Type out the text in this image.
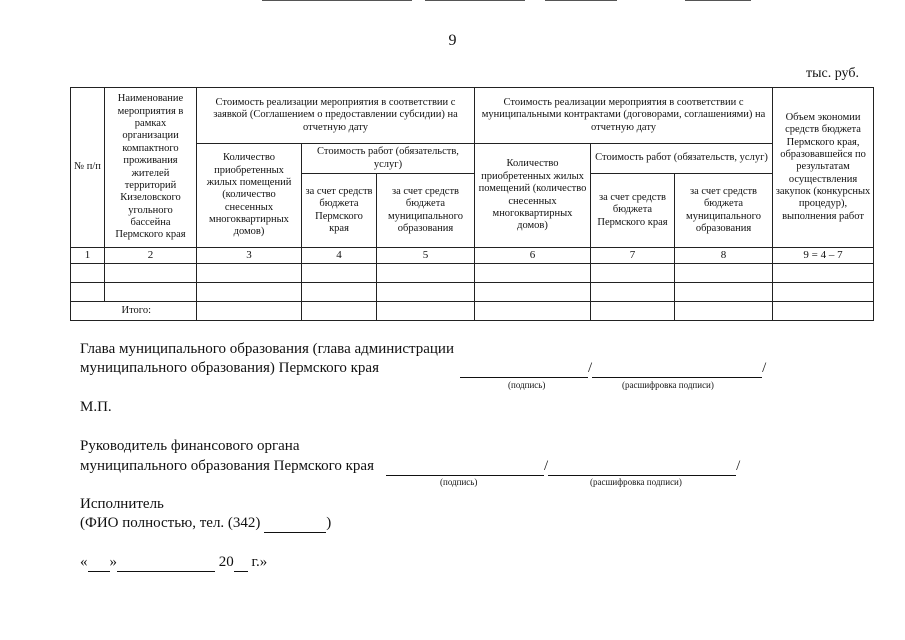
9
тыс. руб.
№ п/п	Наименование мероприятия в рамках организации компактного проживания жителей территорий Кизеловского угольного бассейна Пермского края	Стоимость реализации мероприятия в соответствии с заявкой (Соглашением о предоставлении субсидии) на отчетную дату			Стоимость реализации мероприятия в соответствии с муниципальными контрактами (договорами, соглашениями) на отчетную дату			Объем экономии средств бюджета Пермского края, образовавшейся по результатам осуществления закупок (конкурсных процедур), выполнения работ
		Количество приобретенных жилых помещений (количество снесенных многоквартирных домов)	Стоимость работ (обязательств, услуг)		Количество приобретенных жилых помещений (количество снесенных многоквартирных домов)	Стоимость работ (обязательств, услуг)		
			за счет средств бюджета Пермского края	за счет средств бюджета муниципального образования		за счет средств бюджета Пермского края	за счет средств бюджета муниципального образования	
1	2	3	4	5	6	7	8	9 = 4 – 7

Итого:								
Глава муниципального образования (глава администрации
муниципального образования) Пермского края	/	/
(подпись)	(расшифровка подписи)
М.П.
Руководитель финансового органа
муниципального образования Пермского края	/	/
(подпись)	(расшифровка подписи)
Исполнитель
(ФИО полностью, тел. (342)	)
« »	20 г.»
